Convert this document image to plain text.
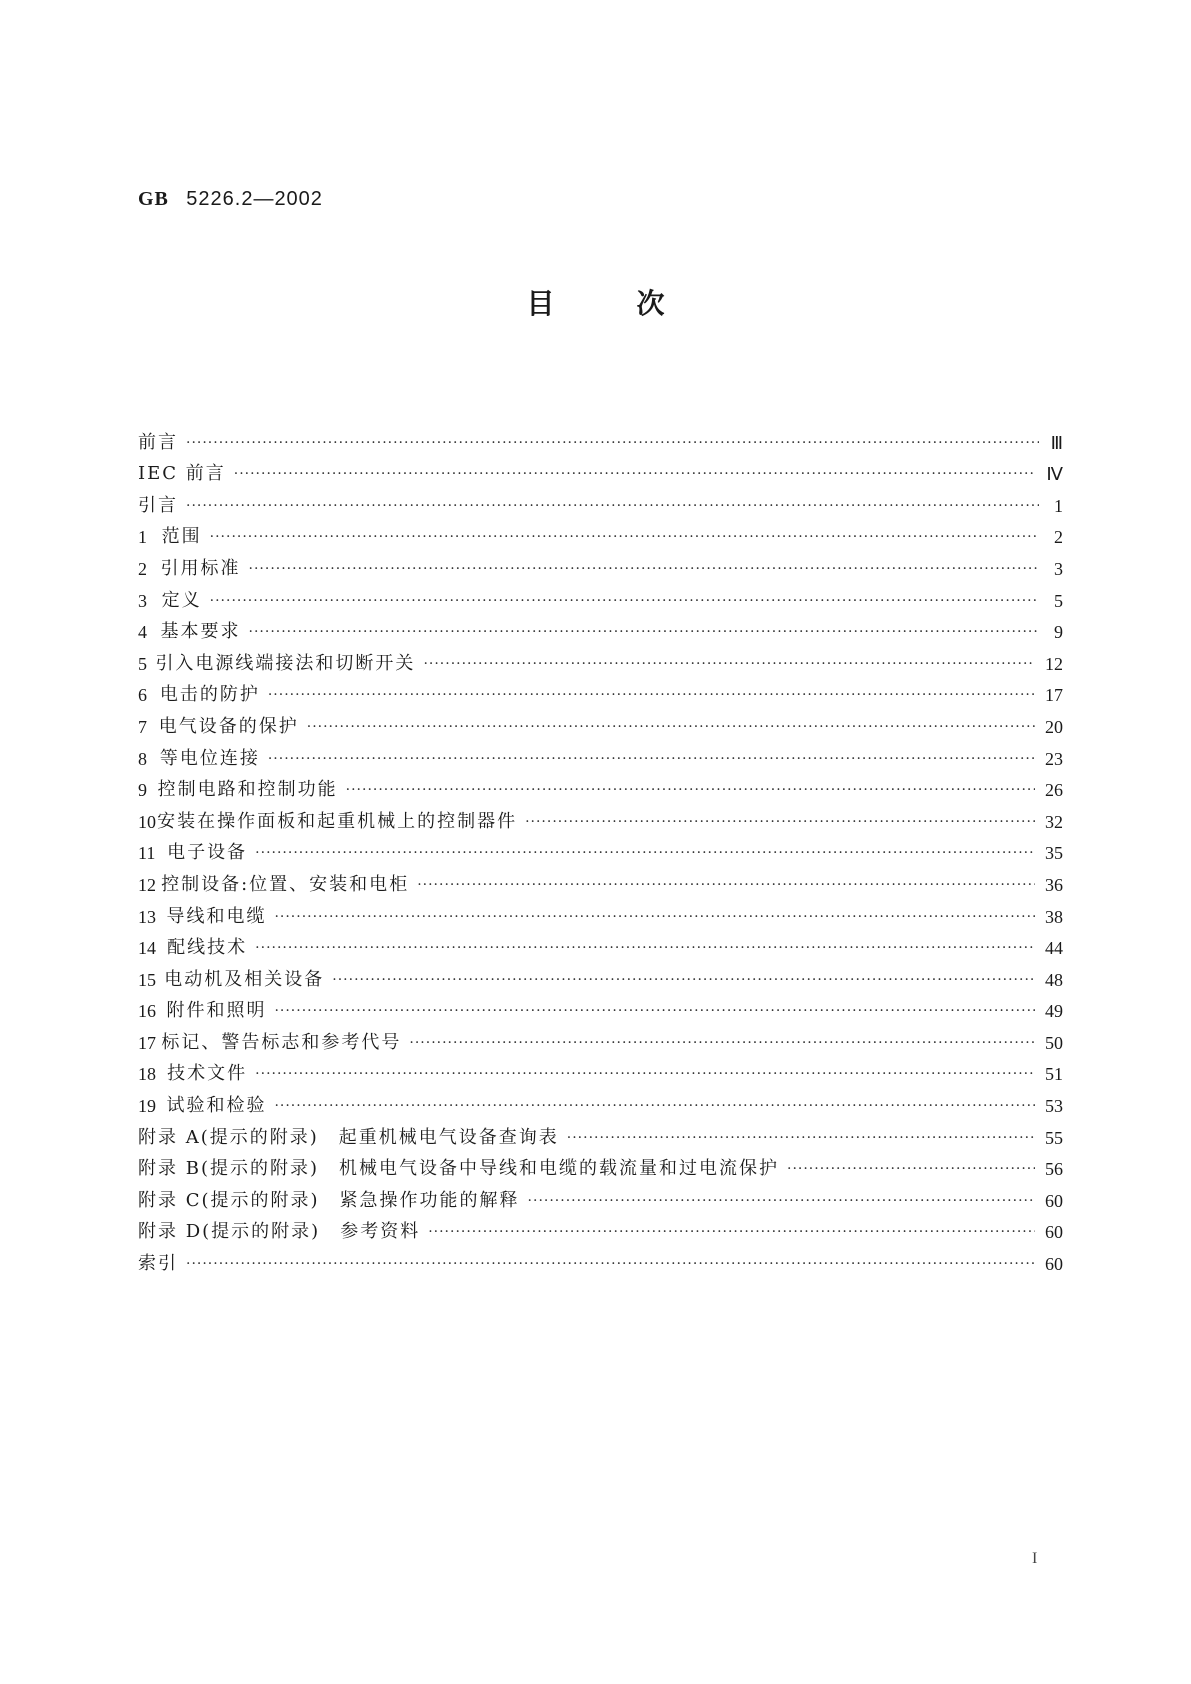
GB 5226.2—2002
目次
前言 ·····	Ⅲ
IEC 前言 ·····	Ⅳ
引言 ·····	1
1 范围 ·····	2
2 引用标准 ·····	3
3 定义 ·····	5
4 基本要求 ·····	9
5 引入电源线端接法和切断开关 ·····	12
6 电击的防护 ·····	17
7 电气设备的保护 ·····	20
8 等电位连接 ·····	23
9 控制电路和控制功能 ·····	26
10 安装在操作面板和起重机械上的控制器件 ·····	32
11 电子设备 ·····	35
12 控制设备:位置、安装和电柜 ·····	36
13 导线和电缆 ·····	38
14 配线技术 ·····	44
15 电动机及相关设备 ·····	48
16 附件和照明 ·····	49
17 标记、警告标志和参考代号 ·····	50
18 技术文件 ·····	51
19 试验和检验 ·····	53
附录 A(提示的附录)　起重机械电气设备查询表 ·····	55
附录 B(提示的附录)　机械电气设备中导线和电缆的载流量和过电流保护 ·····	56
附录 C(提示的附录)　紧急操作功能的解释 ·····	60
附录 D(提示的附录)　参考资料 ·····	60
索引 ·····	60
I
